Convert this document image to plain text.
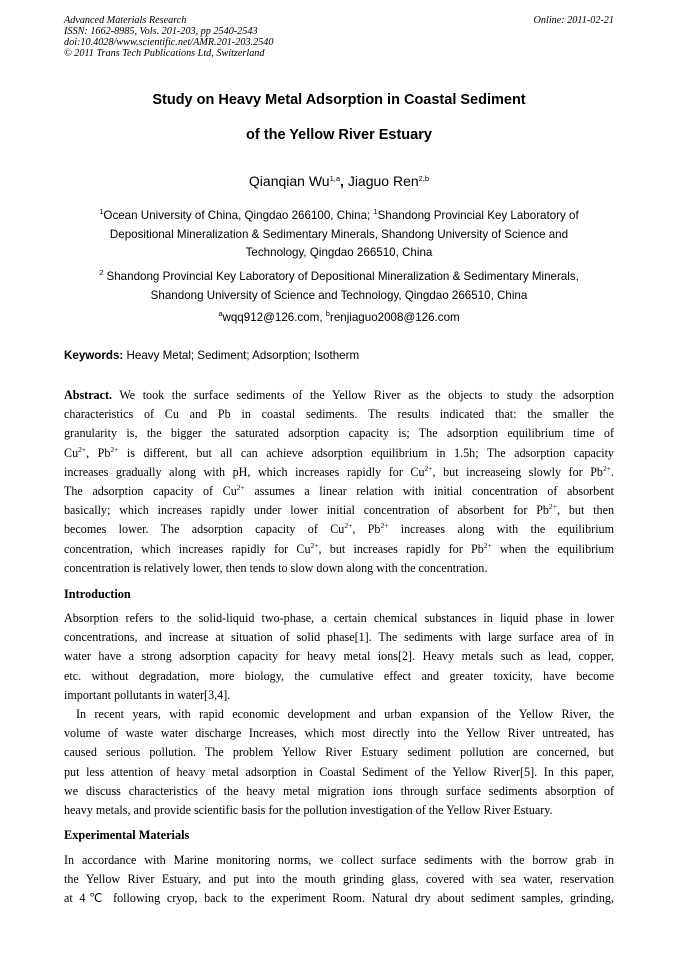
Advanced Materials Research
ISSN: 1662-8985, Vols. 201-203, pp 2540-2543
doi:10.4028/www.scientific.net/AMR.201-203.2540
© 2011 Trans Tech Publications Ltd, Switzerland
Online: 2011-02-21
Study on Heavy Metal Adsorption in Coastal Sediment
of the Yellow River Estuary
Qianqian Wu$^{1,a}$, Jiaguo Ren$^{2,b}$
$^1$Ocean University of China, Qingdao 266100, China; $^1$Shandong Provincial Key Laboratory of
Depositional Mineralization & Sedimentary Minerals, Shandong University of Science and
Technology, Qingdao 266510, China
$^2$ Shandong Provincial Key Laboratory of Depositional Mineralization & Sedimentary Minerals,
Shandong University of Science and Technology, Qingdao 266510, China
$^a$wqq912@126.com, $^b$renjiaguo2008@126.com
Keywords: Heavy Metal; Sediment; Adsorption; Isotherm
Abstract. We took the surface sediments of the Yellow River as the objects to study the adsorption
characteristics of Cu and Pb in coastal sediments. The results indicated that: the smaller the
granularity is, the bigger the saturated adsorption capacity is; The adsorption equilibrium time of
$Cu^{2+}$, $Pb^{2+}$ is different, but all can achieve adsorption equilibrium in 1.5h; The adsorption capacity
increases gradually along with pH, which increases rapidly for $Cu^{2+}$, but increaseing slowly for $Pb^{2+}$.
The adsorption capacity of $Cu^{2+}$ assumes a linear relation with initial concentration of absorbent
basically; which increases rapidly under lower initial concentration of absorbent for $Pb^{2+}$, but then
becomes lower. The adsorption capacity of $Cu^{2+}$, $Pb^{2+}$ increases along with the equilibrium
concentration, which increases rapidly for $Cu^{2+}$, but increases rapidly for $Pb^{2+}$ when the equilibrium
concentration is relatively lower, then tends to slow down along with the concentration.
Introduction
Absorption refers to the solid-liquid two-phase, a certain chemical substances in liquid phase in lower
concentrations, and increase at situation of solid phase[1]. The sediments with large surface area of in
water have a strong adsorption capacity for heavy metal ions[2]. Heavy metals such as lead, copper,
etc. without degradation, more biology, the cumulative effect and greater toxicity, have become
important pollutants in water[3,4].
In recent years, with rapid economic development and urban expansion of the Yellow River, the
volume of waste water discharge Increases, which most directly into the Yellow River untreated, has
caused serious pollution. The problem Yellow River Estuary sediment pollution are concerned, but
put less attention of heavy metal adsorption in Coastal Sediment of the Yellow River[5]. In this paper,
we discuss characteristics of the heavy metal migration ions through surface sediments absorption of
heavy metals, and provide scientific basis for the pollution investigation of the Yellow River Estuary.
Experimental Materials
In accordance with Marine monitoring norms, we collect surface sediments with the borrow grab in
the Yellow River Estuary, and put into the mouth grinding glass, covered with sea water, reservation
at 4℃ following cryop, back to the experiment Room. Natural dry about sediment samples, grinding,
